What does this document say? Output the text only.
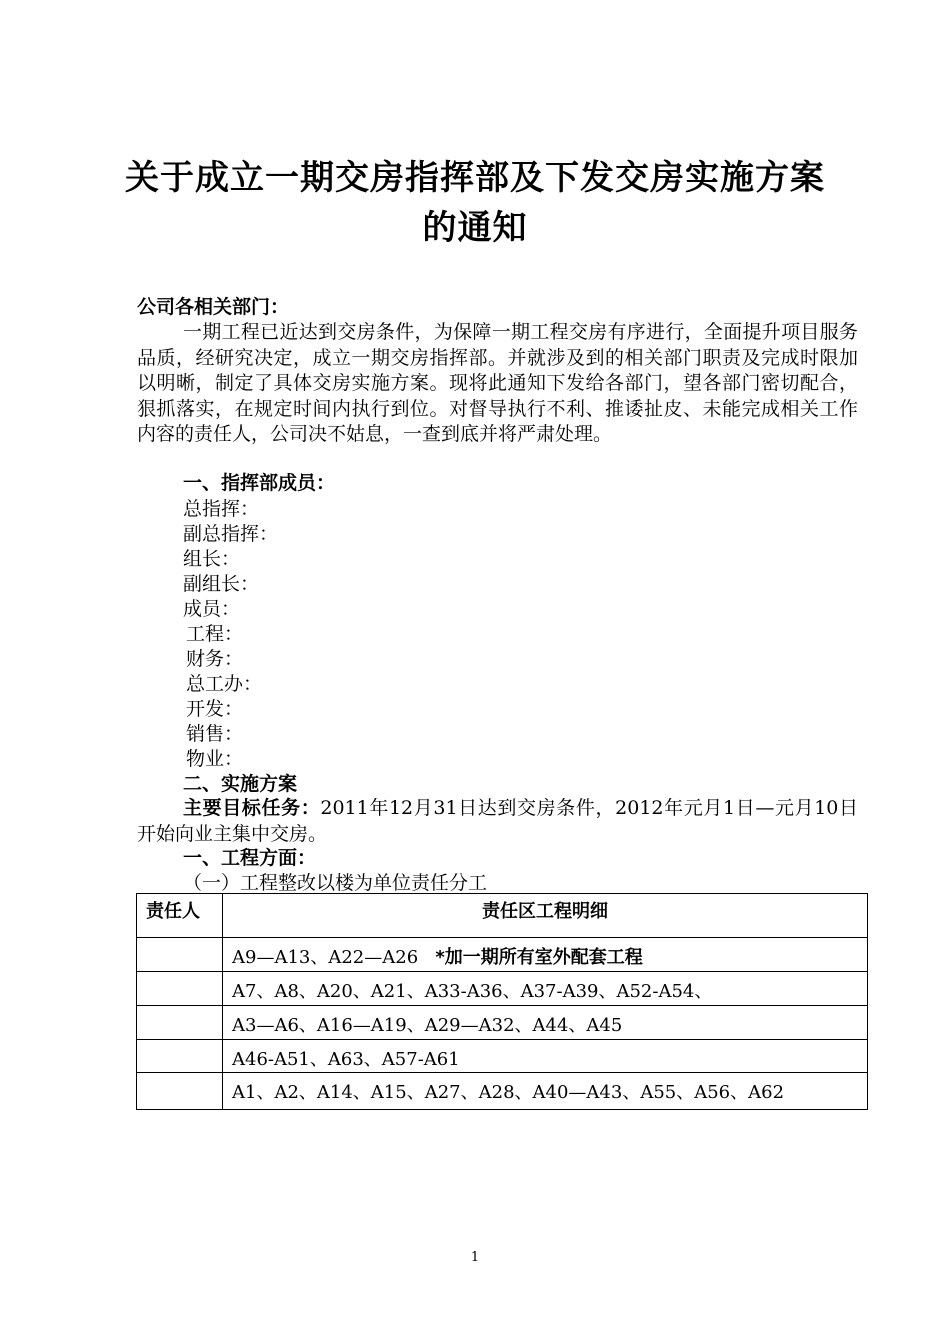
关于成立一期交房指挥部及下发交房实施方案
的通知
公司各相关部门：
一期工程已近达到交房条件，为保障一期工程交房有序进行，全面提升项目服务品质，经研究决定，成立一期交房指挥部。并就涉及到的相关部门职责及完成时限加以明晰，制定了具体交房实施方案。现将此通知下发给各部门，望各部门密切配合，狠抓落实，在规定时间内执行到位。对督导执行不利、推诿扯皮、未能完成相关工作内容的责任人，公司决不姑息，一查到底并将严肃处理。
一、指挥部成员：
总指挥：
副总指挥：
组长：
副组长：
成员：
工程：
财务：
总工办：
开发：
销售：
物业：
二、实施方案
主要目标任务：2011年12月31日达到交房条件，2012年元月1日—元月10日开始向业主集中交房。
一、工程方面：
（一）工程整改以楼为单位责任分工
责任人	责任区工程明细
	A9—A13、A22—A26 *加一期所有室外配套工程
	A7、A8、A20、A21、A33-A36、A37-A39、A52-A54、
	A3—A6、A16—A19、A29—A32、A44、A45
	A46-A51、A63、A57-A61
	A1、A2、A14、A15、A27、A28、A40—A43、A55、A56、A62
1
